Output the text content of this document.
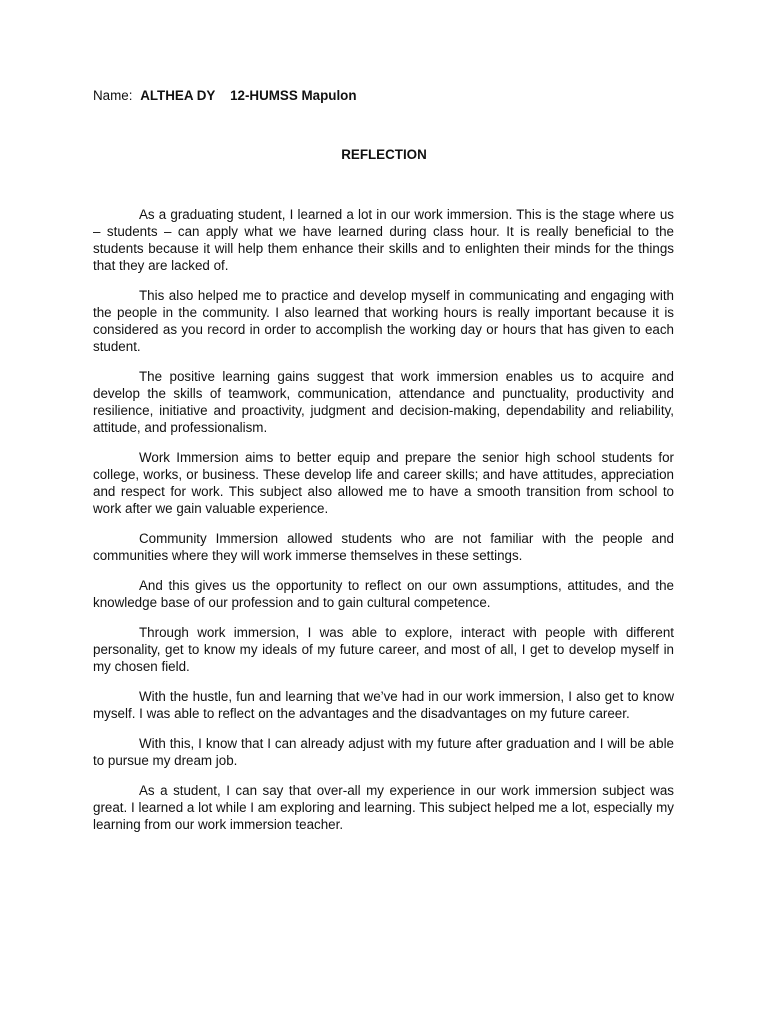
Name: ALTHEA DY 12-HUMSS Mapulon
REFLECTION

As a graduating student, I learned a lot in our work immersion. This is the stage where us – students – can apply what we have learned during class hour. It is really beneficial to the students because it will help them enhance their skills and to enlighten their minds for the things that they are lacked of.

This also helped me to practice and develop myself in communicating and engaging with the people in the community. I also learned that working hours is really important because it is considered as you record in order to accomplish the working day or hours that has given to each student.

The positive learning gains suggest that work immersion enables us to acquire and develop the skills of teamwork, communication, attendance and punctuality, productivity and resilience, initiative and proactivity, judgment and decision-making, dependability and reliability, attitude, and professionalism.

Work Immersion aims to better equip and prepare the senior high school students for college, works, or business. These develop life and career skills; and have attitudes, appreciation and respect for work. This subject also allowed me to have a smooth transition from school to work after we gain valuable experience.

Community Immersion allowed students who are not familiar with the people and communities where they will work immerse themselves in these settings.

And this gives us the opportunity to reflect on our own assumptions, attitudes, and the knowledge base of our profession and to gain cultural competence.

Through work immersion, I was able to explore, interact with people with different personality, get to know my ideals of my future career, and most of all, I get to develop myself in my chosen field.

With the hustle, fun and learning that we’ve had in our work immersion, I also get to know myself. I was able to reflect on the advantages and the disadvantages on my future career.

With this, I know that I can already adjust with my future after graduation and I will be able to pursue my dream job.

As a student, I can say that over-all my experience in our work immersion subject was great. I learned a lot while I am exploring and learning. This subject helped me a lot, especially my learning from our work immersion teacher.
